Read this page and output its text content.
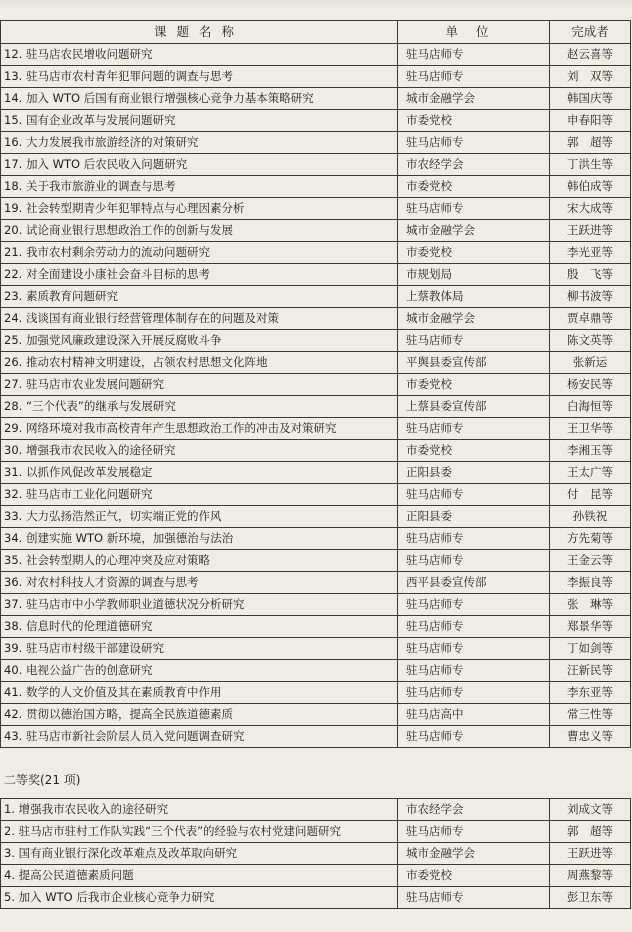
课题名称	单位	完成者
12. 驻马店农民增收问题研究	驻马店师专	赵云喜等
13. 驻马店市农村青年犯罪问题的调查与思考	驻马店师专	刘　双等
14. 加入 WTO 后国有商业银行增强核心竞争力基本策略研究	城市金融学会	韩国庆等
15. 国有企业改革与发展问题研究	市委党校	申春阳等
16. 大力发展我市旅游经济的对策研究	驻马店师专	郭　超等
17. 加入 WTO 后农民收入问题研究	市农经学会	丁洪生等
18. 关于我市旅游业的调查与思考	市委党校	韩伯成等
19. 社会转型期青少年犯罪特点与心理因素分析	驻马店师专	宋大成等
20. 试论商业银行思想政治工作的创新与发展	城市金融学会	王跃进等
21. 我市农村剩余劳动力的流动问题研究	市委党校	李光亚等
22. 对全面建设小康社会奋斗目标的思考	市规划局	殷　飞等
23. 素质教育问题研究	上蔡教体局	柳书波等
24. 浅谈国有商业银行经营管理体制存在的问题及对策	城市金融学会	贾卓鼎等
25. 加强党风廉政建设深入开展反腐败斗争	驻马店师专	陈文英等
26. 推动农村精神文明建设，占领农村思想文化阵地	平舆县委宣传部	张新运
27. 驻马店市农业发展问题研究	市委党校	杨安民等
28. “三个代表”的继承与发展研究	上蔡县委宣传部	白海恒等
29. 网络环境对我市高校青年产生思想政治工作的冲击及对策研究	驻马店师专	王卫华等
30. 增强我市农民收入的途径研究	市委党校	李湘玉等
31. 以抓作风促改革发展稳定	正阳县委	王太广等
32. 驻马店市工业化问题研究	驻马店师专	付　昆等
33. 大力弘扬浩然正气，切实端正党的作风	正阳县委	孙铁祝
34. 创建实施 WTO 新环境，加强德治与法治	驻马店师专	方先菊等
35. 社会转型期人的心理冲突及应对策略	驻马店师专	王金云等
36. 对农村科技人才资源的调查与思考	西平县委宣传部	李振良等
37. 驻马店市中小学教师职业道德状况分析研究	驻马店师专	张　琳等
38. 信息时代的伦理道德研究	驻马店师专	郑景华等
39. 驻马店市村级干部建设研究	驻马店师专	丁如剑等
40. 电视公益广告的创意研究	驻马店师专	汪新民等
41. 数学的人文价值及其在素质教育中作用	驻马店师专	李东亚等
42. 贯彻以德治国方略，提高全民族道德素质	驻马店高中	常三性等
43. 驻马店市新社会阶层人员入党问题调查研究	驻马店师专	曹忠义等
二等奖(21 项)
1. 增强我市农民收入的途径研究	市农经学会	刘成文等
2. 驻马店市驻村工作队实践“三个代表”的经验与农村党建问题研究	驻马店师专	郭　超等
3. 国有商业银行深化改革难点及改革取向研究	城市金融学会	王跃进等
4. 提高公民道德素质问题	市委党校	周燕黎等
5. 加入 WTO 后我市企业核心竞争力研究	驻马店师专	彭卫东等
